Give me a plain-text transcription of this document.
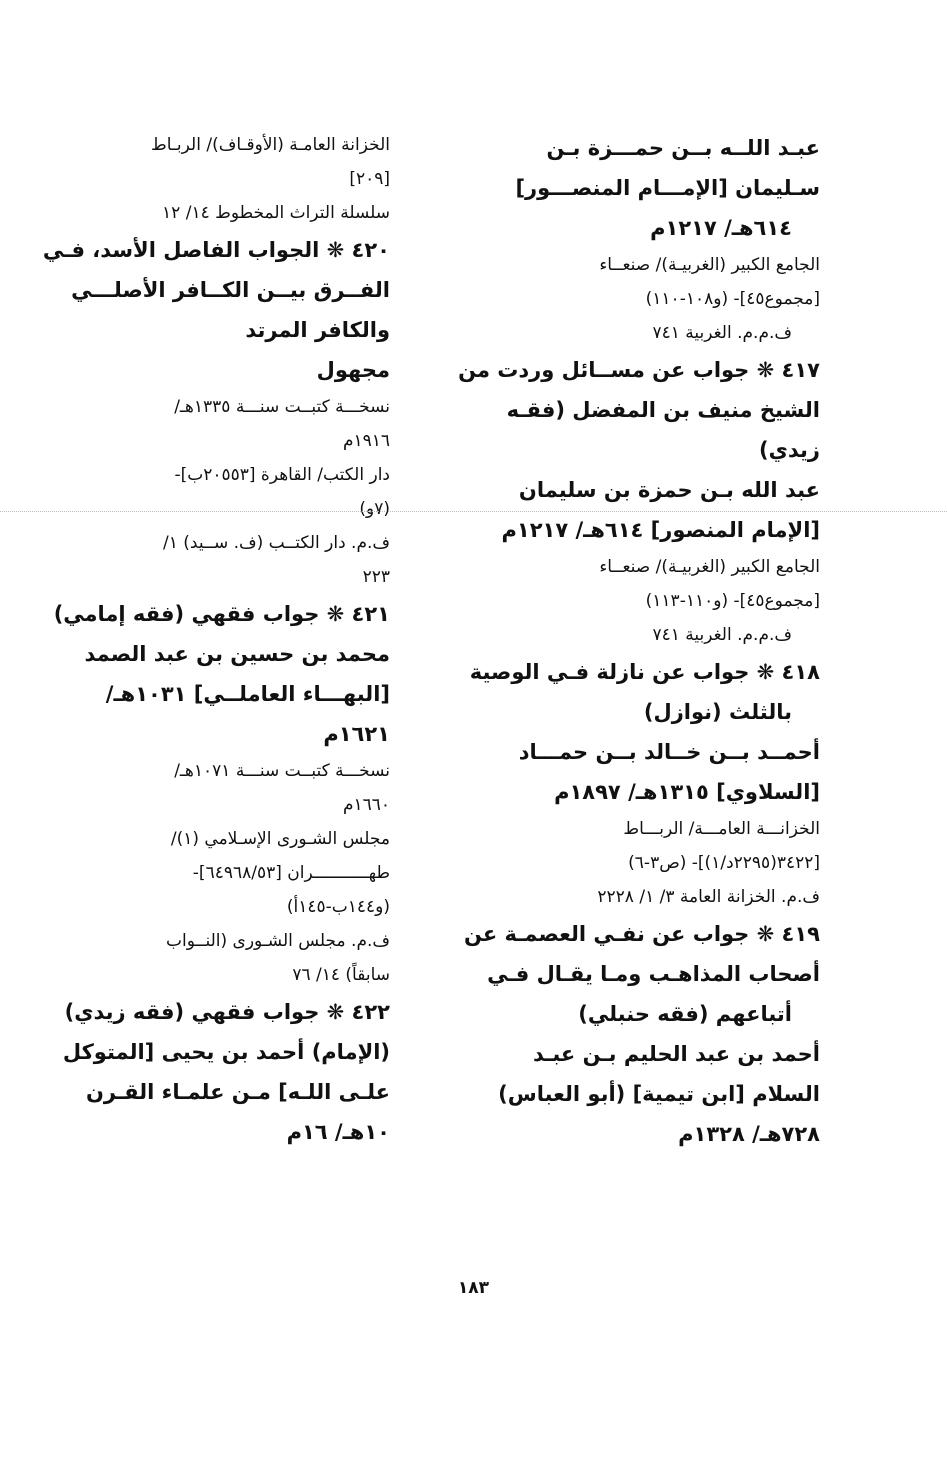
عبـد اللــه بــن حمـــزة بـن
سـليمان [الإمـــام المنصـــور]
٦١٤هـ/ ١٢١٧م
الجامع الكبير (الغربيـة)/ صنعــاء
[مجموع٤٥]- (و١٠٨-١١٠)
ف.م.م. الغربية ٧٤١
٤١٧ ❋ جواب عن مســائل وردت من
الشيخ منيف بن المفضل (فقـه
زيدي)
عبد الله بـن حمزة بن سليمان
[الإمام المنصور] ٦١٤هـ/ ١٢١٧م
الجامع الكبير (الغربيـة)/ صنعــاء
[مجموع٤٥]- (و١١٠-١١٣)
ف.م.م. الغربية ٧٤١
٤١٨ ❋ جواب عن نازلة فـي الوصية
بالثلث (نوازل)
أحمــد بــن خــالد بــن حمـــاد
[السلاوي] ١٣١٥هـ/ ١٨٩٧م
الخزانـــة العامـــة/ الربـــاط
[٣٤٢٢(٢٢٩٥د/١)]- (ص٣-٦)
ف.م. الخزانة العامة ٣/ ١/ ٢٢٢٨
٤١٩ ❋ جواب عن نفـي العصمـة عن
أصحاب المذاهـب ومـا يقـال فـي
أتباعهم (فقه حنبلي)
أحمد بن عبد الحليم بـن عبـد
السلام [ابن تيمية] (أبو العباس)
٧٢٨هـ/ ١٣٢٨م
الخزانة العامـة (الأوقـاف)/ الربـاط
[٢٠٩]
سلسلة التراث المخطوط ١٤/ ١٢
٤٢٠ ❋ الجواب الفاصل الأسد، فـي
الفــرق بيــن الكــافر الأصلـــي
والكافر المرتد
مجهول
نسخـــة كتبــت سنـــة ١٣٣٥هـ/
١٩١٦م
دار الكتب/ القاهرة [٢٠٥٥٣ب]-
(٧و)
ف.م. دار الكتــب (ف. ســيد) ١/
٢٢٣
٤٢١ ❋ جواب فقهي (فقه إمامي)
محمد بن حسين بن عبد الصمد
[البهـــاء العاملــي] ١٠٣١هـ/
١٦٢١م
نسخـــة كتبــت سنـــة ١٠٧١هـ/
١٦٦٠م
مجلس الشـورى الإسـلامي (١)/
طهـــــــــــران [٦٤٩٦٨/٥٣]-
(و١٤٤ب-١٤٥أ)
ف.م. مجلس الشـورى (النــواب
سابقاً) ١٤/ ٧٦
٤٢٢ ❋ جواب فقهي (فقه زيدي)
(الإمام) أحمد بن يحيى [المتوكل
علـى اللـه] مـن علمـاء القـرن
١٠هـ/ ١٦م
١٨٣
